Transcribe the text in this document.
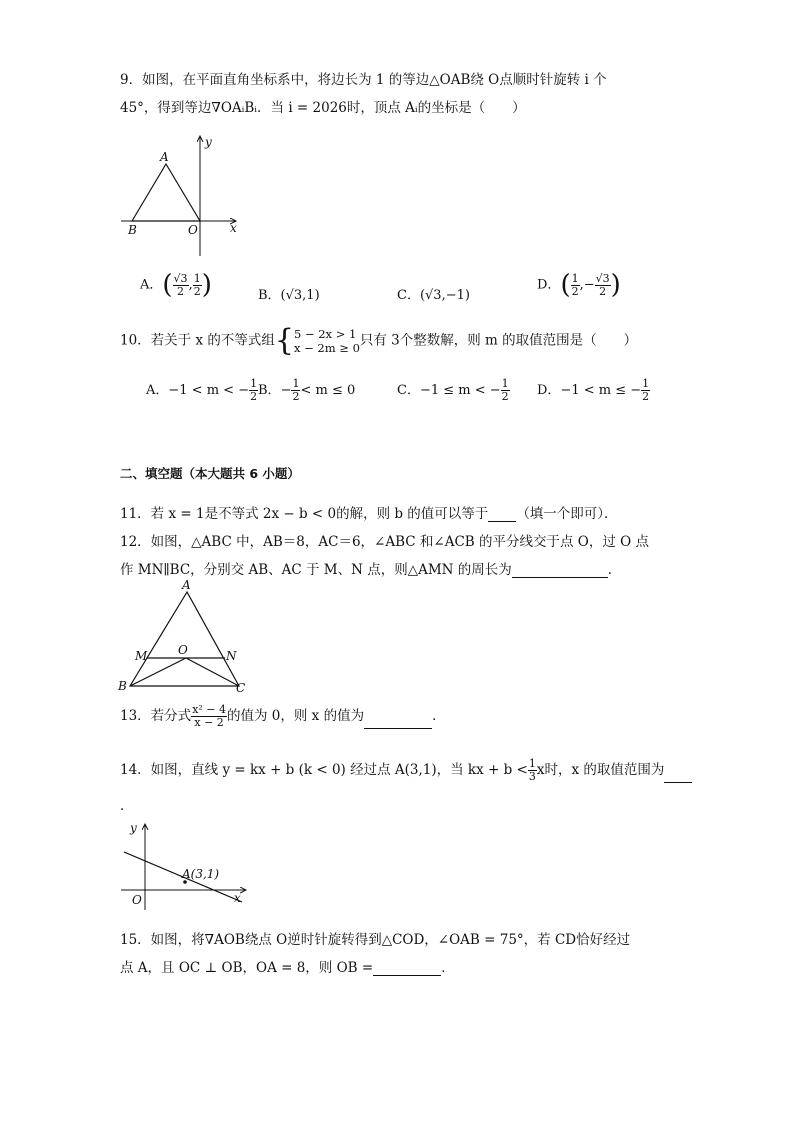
9．如图，在平面直角坐标系中，将边长为 1 的等边△OAB绕 O点顺时针旋转 i 个
45°，得到等边∇OAᵢBᵢ．当 i = 2026时，顶点 Aᵢ的坐标是（　　）
y
A
B	O	x
A．( $\frac{√3}{2}$ , $\frac{1}{2}$ )	B．(√3,1)	C．(√3,−1)
D．( $\frac{1}{2}$ ,− $\frac{√3}{2}$ )
10．若关于 x 的不等式组{5 − 2x > 1
x − 2m ≥ 0只有 3个整数解，则 m 的取值范围是（　　）
A．−1 < m < − $\frac{1}{2}$ B．− $\frac{1}{2} < m \le 0$	C．−1 ≤ m < − $\frac{1}{2}$ D．−1 < m ≤ − $\frac{1}{2}$
二、填空题（本大题共 6 小题）
11．若 x = 1是不等式 2x − b < 0的解，则 b 的值可以等于 （填一个即可）．
12．如图，△ABC 中，AB＝8，AC＝6，∠ABC 和∠ACB 的平分线交于点 O，过 O 点
作 MN∥BC，分别交 AB、AC 于 M、N 点，则△AMN 的周长为	．
A
M	O	N
B	C
13．若分式 $\frac{\text{x² − 4}}{x - 2}$ 的值为 0，则 x 的值为	．
14．如图，直线 y = kx + b (k < 0) 经过点 A(3,1)，当 kx + $b < \frac{1}{3}$ x时，x 的取值范围为
．
y
A(3,1)
O	x
15．如图，将∇AOB绕点 O逆时针旋转得到△COD，∠OAB = 75°，若 CD恰好经过
点 A，且 OC ⊥ OB，OA = 8，则 OB =	．
